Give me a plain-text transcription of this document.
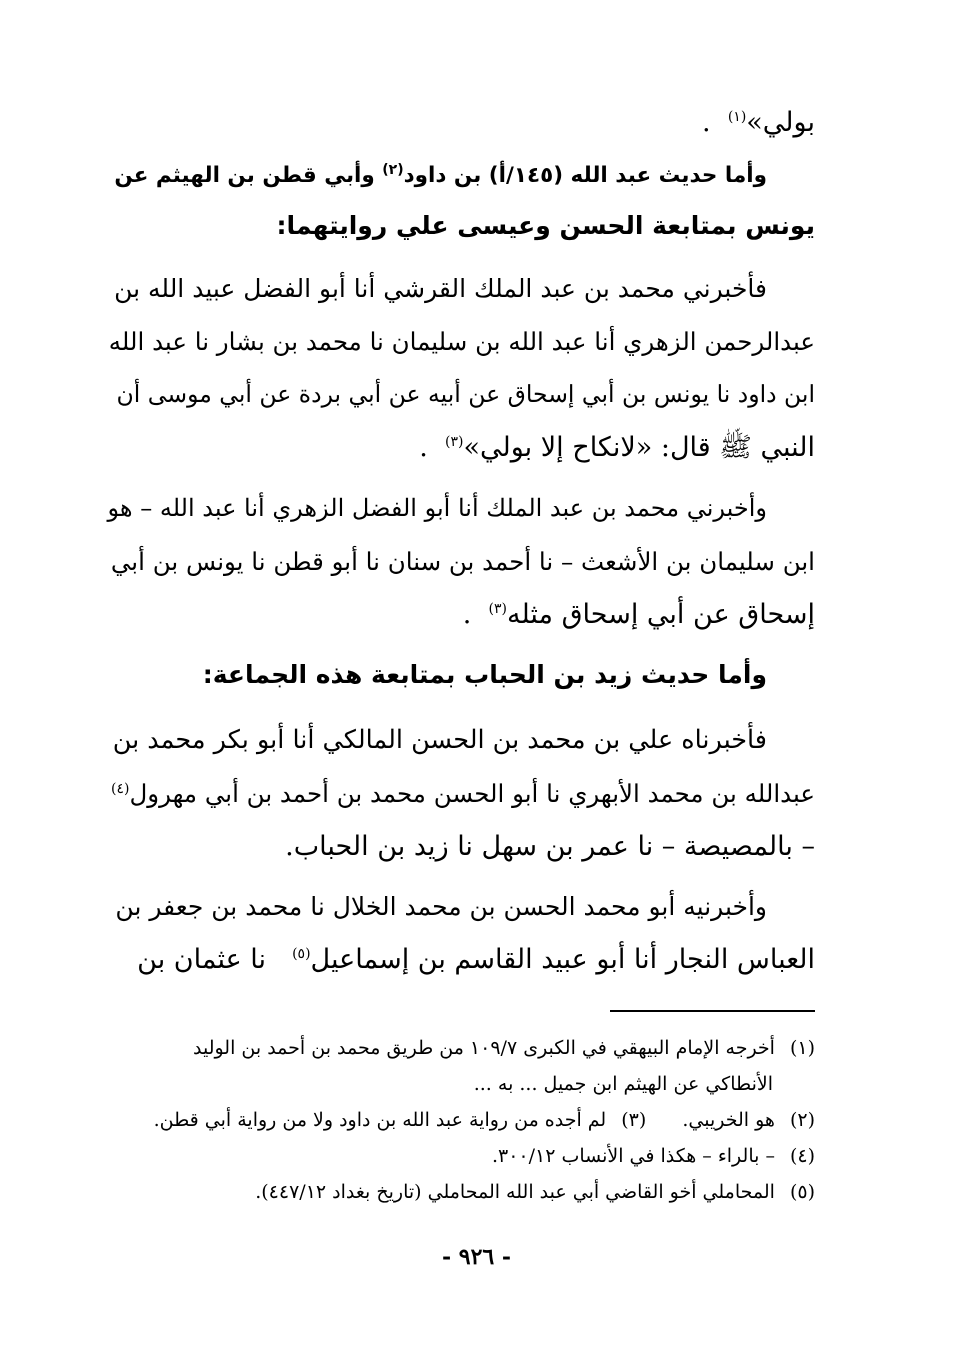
بولي»$^{(١)}$  .
وأما حديث عبد الله (١٤٥/أ) بن داود$^{(٢)}$ وأبي قطن بن الهيثم عن
يونس بمتابعة الحسن وعيسى علي روايتهما:
فأخبرني محمد بن عبد الملك القرشي أنا أبو الفضل عبيد الله بن
عبدالرحمن الزهري أنا عبد الله بن سليمان نا محمد بن بشار نا عبد الله
ابن داود نا يونس بن أبي إسحاق عن أبيه عن أبي بردة عن أبي موسى أن
النبي ﷺ قال: «لانكاح إلا بولي»$^{(٣)}$  .
وأخبرني محمد بن عبد الملك أنا أبو الفضل الزهري أنا عبد الله – هو
ابن سليمان بن الأشعث – نا أحمد بن سنان نا أبو قطن نا يونس بن أبي
إسحاق عن أبي إسحاق مثله$^{(٣)}$  .
وأما حديث زيد بن الحباب بمتابعة هذه الجماعة:
فأخبرناه علي بن محمد بن الحسن المالكي أنا أبو بكر محمد بن
عبدالله بن محمد الأبهري نا أبو الحسن محمد بن أحمد بن أبي مهرول$^{(٤)}$
– بالمصيصة – نا عمر بن سهل نا زيد بن الحباب.
وأخبرنيه أبو محمد الحسن بن محمد الخلال نا محمد بن جعفر بن
العباس النجار أنا أبو عبيد القاسم بن إسماعيل$^{(٥)}$نا عثمان بن
(١) أخرجه الإمام البيهقي في الكبرى ١٠٩/٧ من طريق محمد بن أحمد بن الوليد
الأنطاكي عن الهيثم ابن جميل ... به ...
(٢) هو الخريبي.  (٣) لم أجده من رواية عبد الله بن داود ولا من رواية أبي قطن.
(٤) – بالراء – هكذا في الأنساب ٣٠٠/١٢.
(٥) المحاملي أخو القاضي أبي عبد الله المحاملي (تاريخ بغداد ٤٤٧/١٢).
- ٩٢٦ -
